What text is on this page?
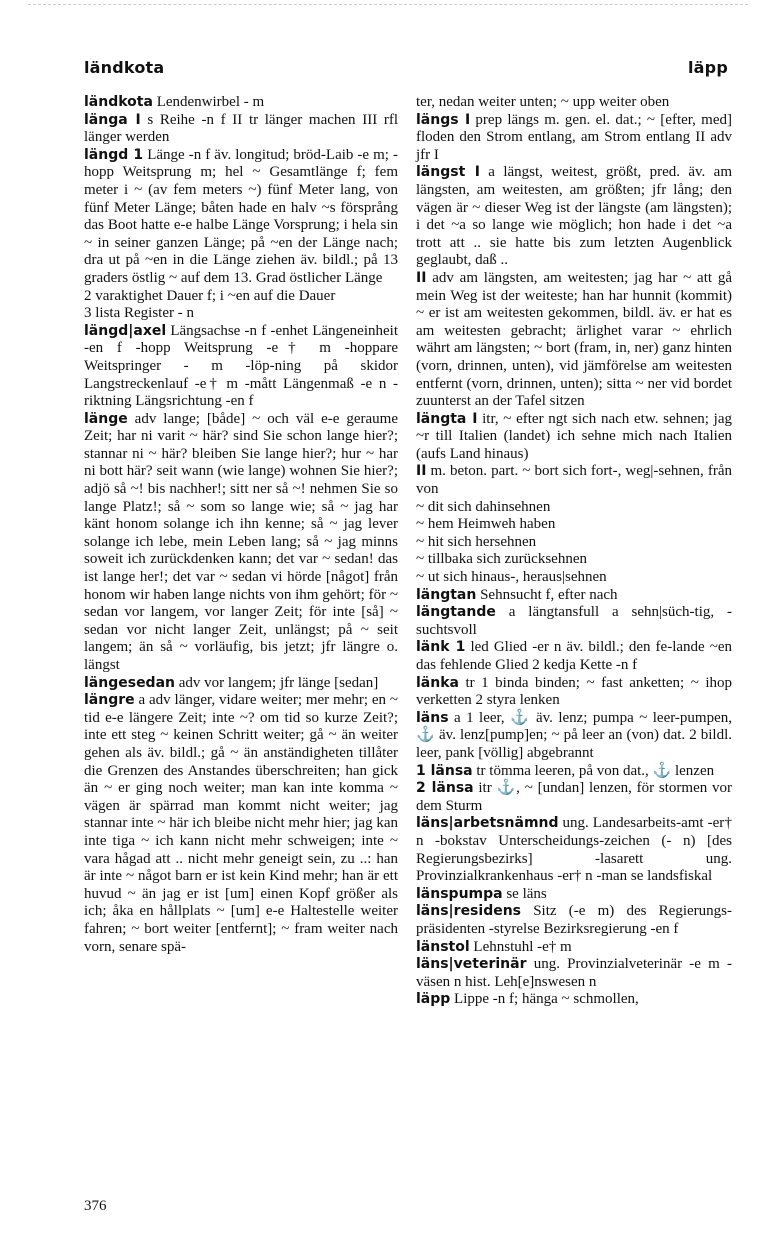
ländkota	läpp

ländkota Lendenwirbel - m

länga I s Reihe -n f II tr länger machen III rfl länger werden

längd 1 Länge -n f äv. longitud; bröd-Laib -e m; -hopp Weitsprung m; hel ~ Gesamtlänge f; fem meter i ~ (av fem meters ~) fünf Meter lang, von fünf Meter Länge; båten hade en halv ~s försprång das Boot hatte e-e halbe Länge Vorsprung; i hela sin ~ in seiner ganzen Länge; på ~en der Länge nach; dra ut på ~en in die Länge ziehen äv. bildl.; på 13 graders östlig ~ auf dem 13. Grad östlicher Länge

2 varaktighet Dauer f; i ~en auf die Dauer

3 lista Register - n

längd|axel Längsachse -n f -enhet Längeneinheit -en f -hopp Weitsprung -e† m -hoppare Weitspringer - m -löp-ning på skidor Langstreckenlauf -e† m -mått Längenmaß -e n -riktning Längsrichtung -en f

länge adv lange; [både] ~ och väl e-e geraume Zeit; har ni varit ~ här? sind Sie schon lange hier?; stannar ni ~ här? bleiben Sie lange hier?; hur ~ har ni bott här? seit wann (wie lange) wohnen Sie hier?; adjö så ~! bis nachher!; sitt ner så ~! nehmen Sie so lange Platz!; så ~ som so lange wie; så ~ jag har känt honom solange ich ihn kenne; så ~ jag lever solange ich lebe, mein Leben lang; så ~ jag minns soweit ich zurückdenken kann; det var ~ sedan! das ist lange her!; det var ~ sedan vi hörde [något] från honom wir haben lange nichts von ihm gehört; för ~ sedan vor langem, vor langer Zeit; för inte [så] ~ sedan vor nicht langer Zeit, unlängst; på ~ seit langem; än så ~ vorläufig, bis jetzt; jfr längre o. längst

längesedan adv vor langem; jfr länge [sedan]

längre a adv länger, vidare weiter; mer mehr; en ~ tid e-e längere Zeit; inte ~? om tid so kurze Zeit?; inte ett steg ~ keinen Schritt weiter; gå ~ än weiter gehen als äv. bildl.; gå ~ än anständigheten tillåter die Grenzen des Anstandes überschreiten; han gick än ~ er ging noch weiter; man kan inte komma ~ vägen är spärrad man kommt nicht weiter; jag stannar inte ~ här ich bleibe nicht mehr hier; jag kan inte tiga ~ ich kann nicht mehr schweigen; inte ~ vara hågad att .. nicht mehr geneigt sein, zu ..: han är inte ~ något barn er ist kein Kind mehr; han är ett huvud ~ än jag er ist [um] einen Kopf größer als ich; åka en hållplats ~ [um] e-e Haltestelle weiter fahren; ~ bort weiter [entfernt]; ~ fram weiter nach vorn, senare spä-

ter, nedan weiter unten; ~ upp weiter oben

längs I prep längs m. gen. el. dat.; ~ [efter, med] floden den Strom entlang, am Strom entlang II adv jfr I

längst I a längst, weitest, größt, pred. äv. am längsten, am weitesten, am größten; jfr lång; den vägen är ~ dieser Weg ist der längste (am längsten); i det ~a so lange wie möglich; hon hade i det ~a trott att .. sie hatte bis zum letzten Augenblick geglaubt, daß ..

II adv am längsten, am weitesten; jag har ~ att gå mein Weg ist der weiteste; han har hunnit (kommit) ~ er ist am weitesten gekommen, bildl. äv. er hat es am weitesten gebracht; ärlighet varar ~ ehrlich währt am längsten; ~ bort (fram, in, ner) ganz hinten (vorn, drinnen, unten), vid jämförelse am weitesten entfernt (vorn, drinnen, unten); sitta ~ ner vid bordet zuunterst an der Tafel sitzen

längta I itr, ~ efter ngt sich nach etw. sehnen; jag ~r till Italien (landet) ich sehne mich nach Italien (aufs Land hinaus)

II m. beton. part. ~ bort sich fort-, weg|-sehnen, från von

~ dit sich dahinsehnen

~ hem Heimweh haben

~ hit sich hersehnen

~ tillbaka sich zurücksehnen

~ ut sich hinaus-, heraus|sehnen

längtan Sehnsucht f, efter nach

längtande a längtansfull a sehn|süch-tig, -suchtsvoll

länk 1 led Glied -er n äv. bildl.; den fe-lande ~en das fehlende Glied 2 kedja Kette -n f

länka tr 1 binda binden; ~ fast anketten; ~ ihop verketten 2 styra lenken

läns a 1 leer, ⚓ äv. lenz; pumpa ~ leer-pumpen, ⚓ äv. lenz[pump]en; ~ på leer an (von) dat. 2 bildl. leer, pank [völlig] abgebrannt

1 länsa tr tömma leeren, på von dat., ⚓ lenzen

2 länsa itr ⚓, ~ [undan] lenzen, för stormen vor dem Sturm

läns|arbetsnämnd ung. Landesarbeits-amt -er† n -bokstav Unterscheidungs-zeichen (- n) [des Regierungsbezirks] -lasarett ung. Provinzialkrankenhaus -er† n -man se landsfiskal

länspumpa se läns

läns|residens Sitz (-e m) des Regierungs-präsidenten -styrelse Bezirksregierung -en f

länstol Lehnstuhl -e† m

läns|veterinär ung. Provinzialveterinär -e m -väsen n hist. Leh[e]nswesen n

läpp Lippe -n f; hänga ~ schmollen,

376
